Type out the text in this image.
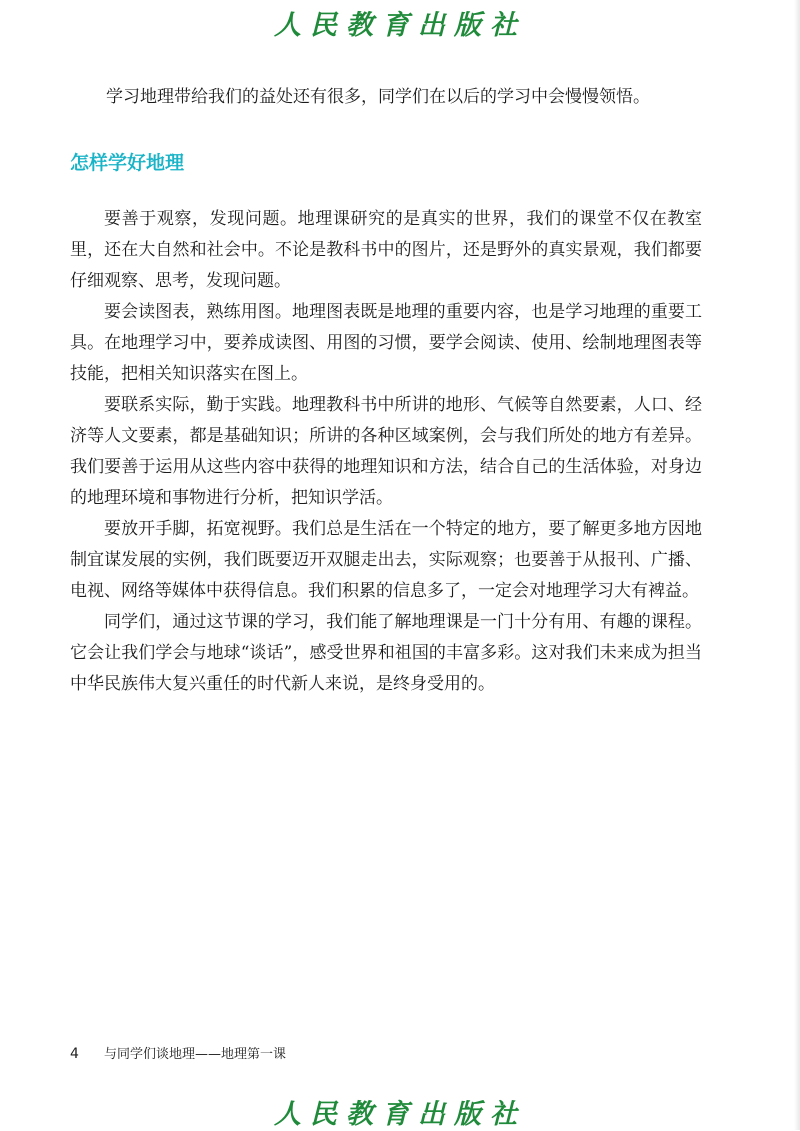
人民教育出版社

学习地理带给我们的益处还有很多，同学们在以后的学习中会慢慢领悟。

怎样学好地理

要善于观察，发现问题。地理课研究的是真实的世界，我们的课堂不仅在教室里，还在大自然和社会中。不论是教科书中的图片，还是野外的真实景观，我们都要仔细观察、思考，发现问题。

要会读图表，熟练用图。地理图表既是地理的重要内容，也是学习地理的重要工具。在地理学习中，要养成读图、用图的习惯，要学会阅读、使用、绘制地理图表等技能，把相关知识落实在图上。

要联系实际，勤于实践。地理教科书中所讲的地形、气候等自然要素，人口、经济等人文要素，都是基础知识；所讲的各种区域案例，会与我们所处的地方有差异。我们要善于运用从这些内容中获得的地理知识和方法，结合自己的生活体验，对身边的地理环境和事物进行分析，把知识学活。

要放开手脚，拓宽视野。我们总是生活在一个特定的地方，要了解更多地方因地制宜谋发展的实例，我们既要迈开双腿走出去，实际观察；也要善于从报刊、广播、电视、网络等媒体中获得信息。我们积累的信息多了，一定会对地理学习大有裨益。

同学们，通过这节课的学习，我们能了解地理课是一门十分有用、有趣的课程。它会让我们学会与地球“谈话”，感受世界和祖国的丰富多彩。这对我们未来成为担当中华民族伟大复兴重任的时代新人来说，是终身受用的。

4 与同学们谈地理——地理第一课
人民教育出版社
